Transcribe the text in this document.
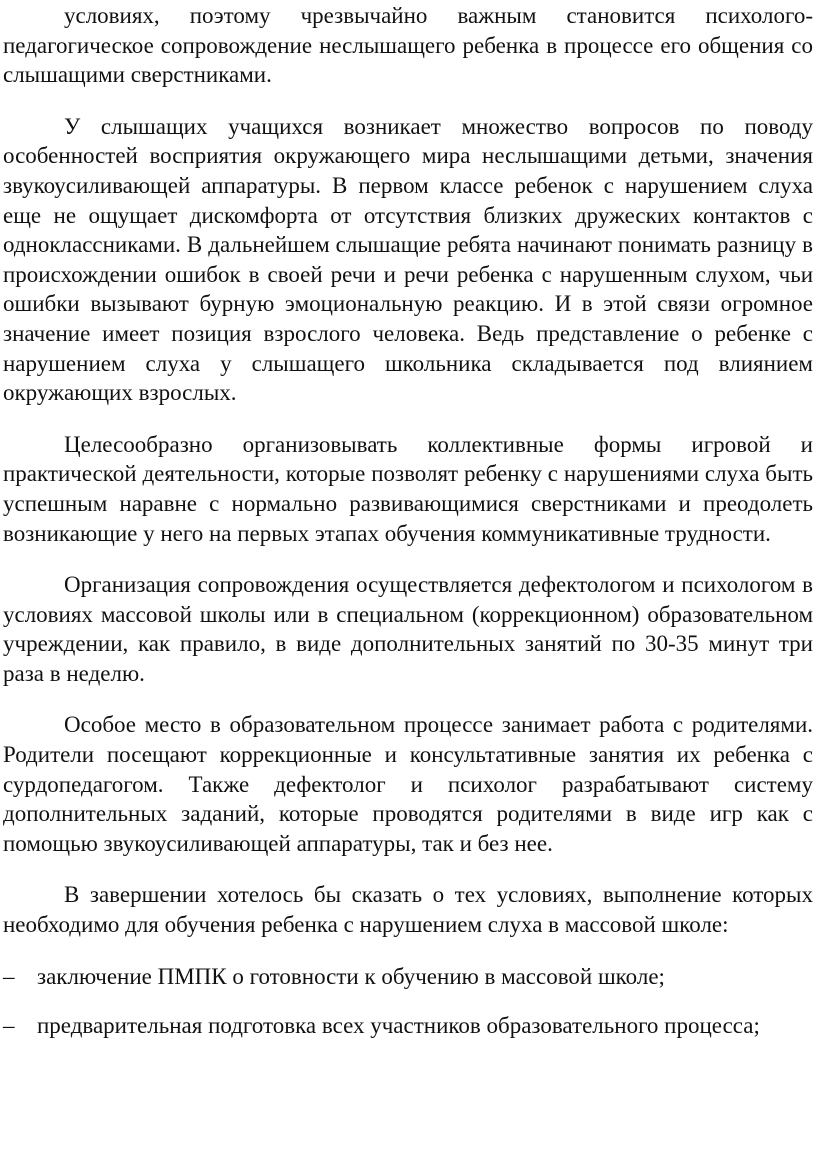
условиях, поэтому чрезвычайно важным становится психолого-педагогическое сопровождение неслышащего ребенка в процессе его общения со слышащими сверстниками.

У слышащих учащихся возникает множество вопросов по поводу особенностей восприятия окружающего мира неслышащими детьми, значения звукоусиливающей аппаратуры. В первом классе ребенок с нарушением слуха еще не ощущает дискомфорта от отсутствия близких дружеских контактов с одноклассниками. В дальнейшем слышащие ребята начинают понимать разницу в происхождении ошибок в своей речи и речи ребенка с нарушенным слухом, чьи ошибки вызывают бурную эмоциональную реакцию. И в этой связи огромное значение имеет позиция взрослого человека. Ведь представление о ребенке с нарушением слуха у слышащего школьника складывается под влиянием окружающих взрослых.

Целесообразно организовывать коллективные формы игровой и практической деятельности, которые позволят ребенку с нарушениями слуха быть успешным наравне с нормально развивающимися сверстниками и преодолеть возникающие у него на первых этапах обучения коммуникативные трудности.

Организация сопровождения осуществляется дефектологом и психологом в условиях массовой школы или в специальном (коррекционном) образовательном учреждении, как правило, в виде дополнительных занятий по 30-35 минут три раза в неделю.

Особое место в образовательном процессе занимает работа с родителями. Родители посещают коррекционные и консультативные занятия их ребенка с сурдопедагогом. Также дефектолог и психолог разрабатывают систему дополнительных заданий, которые проводятся родителями в виде игр как с помощью звукоусиливающей аппаратуры, так и без нее.

В завершении хотелось бы сказать о тех условиях, выполнение которых необходимо для обучения ребенка с нарушением слуха в массовой школе:

– заключение ПМПК о готовности к обучению в массовой школе;
– предварительная подготовка всех участников образовательного процесса;
